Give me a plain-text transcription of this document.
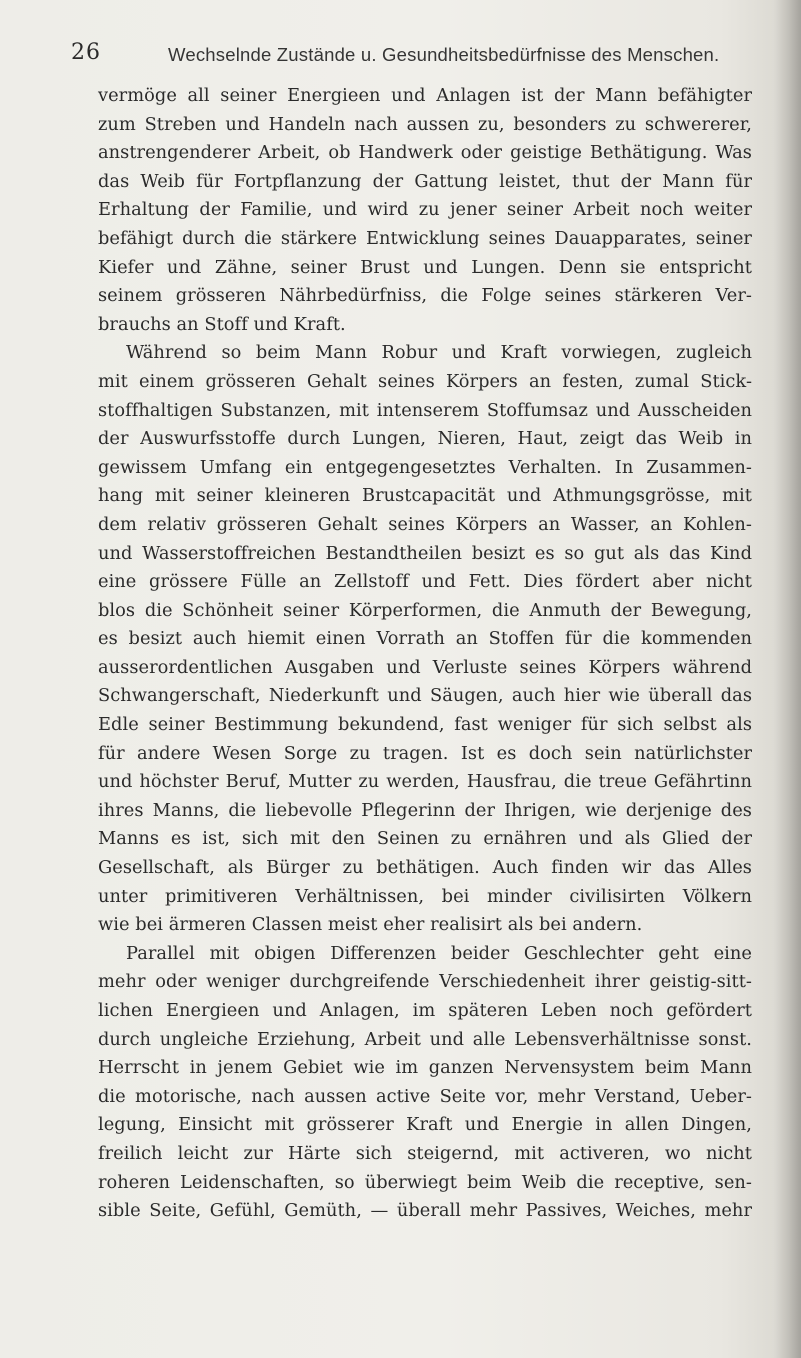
26	Wechselnde Zustände u. Gesundheitsbedürfnisse des Menschen.
vermöge all seiner Energieen und Anlagen ist der Mann befähigter
zum Streben und Handeln nach aussen zu, besonders zu schwererer,
anstrengenderer Arbeit, ob Handwerk oder geistige Bethätigung. Was
das Weib für Fortpflanzung der Gattung leistet, thut der Mann für
Erhaltung der Familie, und wird zu jener seiner Arbeit noch weiter
befähigt durch die stärkere Entwicklung seines Dauapparates, seiner
Kiefer und Zähne, seiner Brust und Lungen. Denn sie entspricht
seinem grösseren Nährbedürfniss, die Folge seines stärkeren Ver-
brauchs an Stoff und Kraft.
Während so beim Mann Robur und Kraft vorwiegen, zugleich
mit einem grösseren Gehalt seines Körpers an festen, zumal Stick-
stoffhaltigen Substanzen, mit intenserem Stoffumsaz und Ausscheiden
der Auswurfsstoffe durch Lungen, Nieren, Haut, zeigt das Weib in
gewissem Umfang ein entgegengesetztes Verhalten. In Zusammen-
hang mit seiner kleineren Brustcapacität und Athmungsgrösse, mit
dem relativ grösseren Gehalt seines Körpers an Wasser, an Kohlen-
und Wasserstoffreichen Bestandtheilen besizt es so gut als das Kind
eine grössere Fülle an Zellstoff und Fett. Dies fördert aber nicht
blos die Schönheit seiner Körperformen, die Anmuth der Bewegung,
es besizt auch hiemit einen Vorrath an Stoffen für die kommenden
ausserordentlichen Ausgaben und Verluste seines Körpers während
Schwangerschaft, Niederkunft und Säugen, auch hier wie überall das
Edle seiner Bestimmung bekundend, fast weniger für sich selbst als
für andere Wesen Sorge zu tragen. Ist es doch sein natürlichster
und höchster Beruf, Mutter zu werden, Hausfrau, die treue Gefährtinn
ihres Manns, die liebevolle Pflegerinn der Ihrigen, wie derjenige des
Manns es ist, sich mit den Seinen zu ernähren und als Glied der
Gesellschaft, als Bürger zu bethätigen. Auch finden wir das Alles
unter primitiveren Verhältnissen, bei minder civilisirten Völkern
wie bei ärmeren Classen meist eher realisirt als bei andern.
Parallel mit obigen Differenzen beider Geschlechter geht eine
mehr oder weniger durchgreifende Verschiedenheit ihrer geistig-sitt-
lichen Energieen und Anlagen, im späteren Leben noch gefördert
durch ungleiche Erziehung, Arbeit und alle Lebensverhältnisse sonst.
Herrscht in jenem Gebiet wie im ganzen Nervensystem beim Mann
die motorische, nach aussen active Seite vor, mehr Verstand, Ueber-
legung, Einsicht mit grösserer Kraft und Energie in allen Dingen,
freilich leicht zur Härte sich steigernd, mit activeren, wo nicht
roheren Leidenschaften, so überwiegt beim Weib die receptive, sen-
sible Seite, Gefühl, Gemüth, — überall mehr Passives, Weiches, mehr
